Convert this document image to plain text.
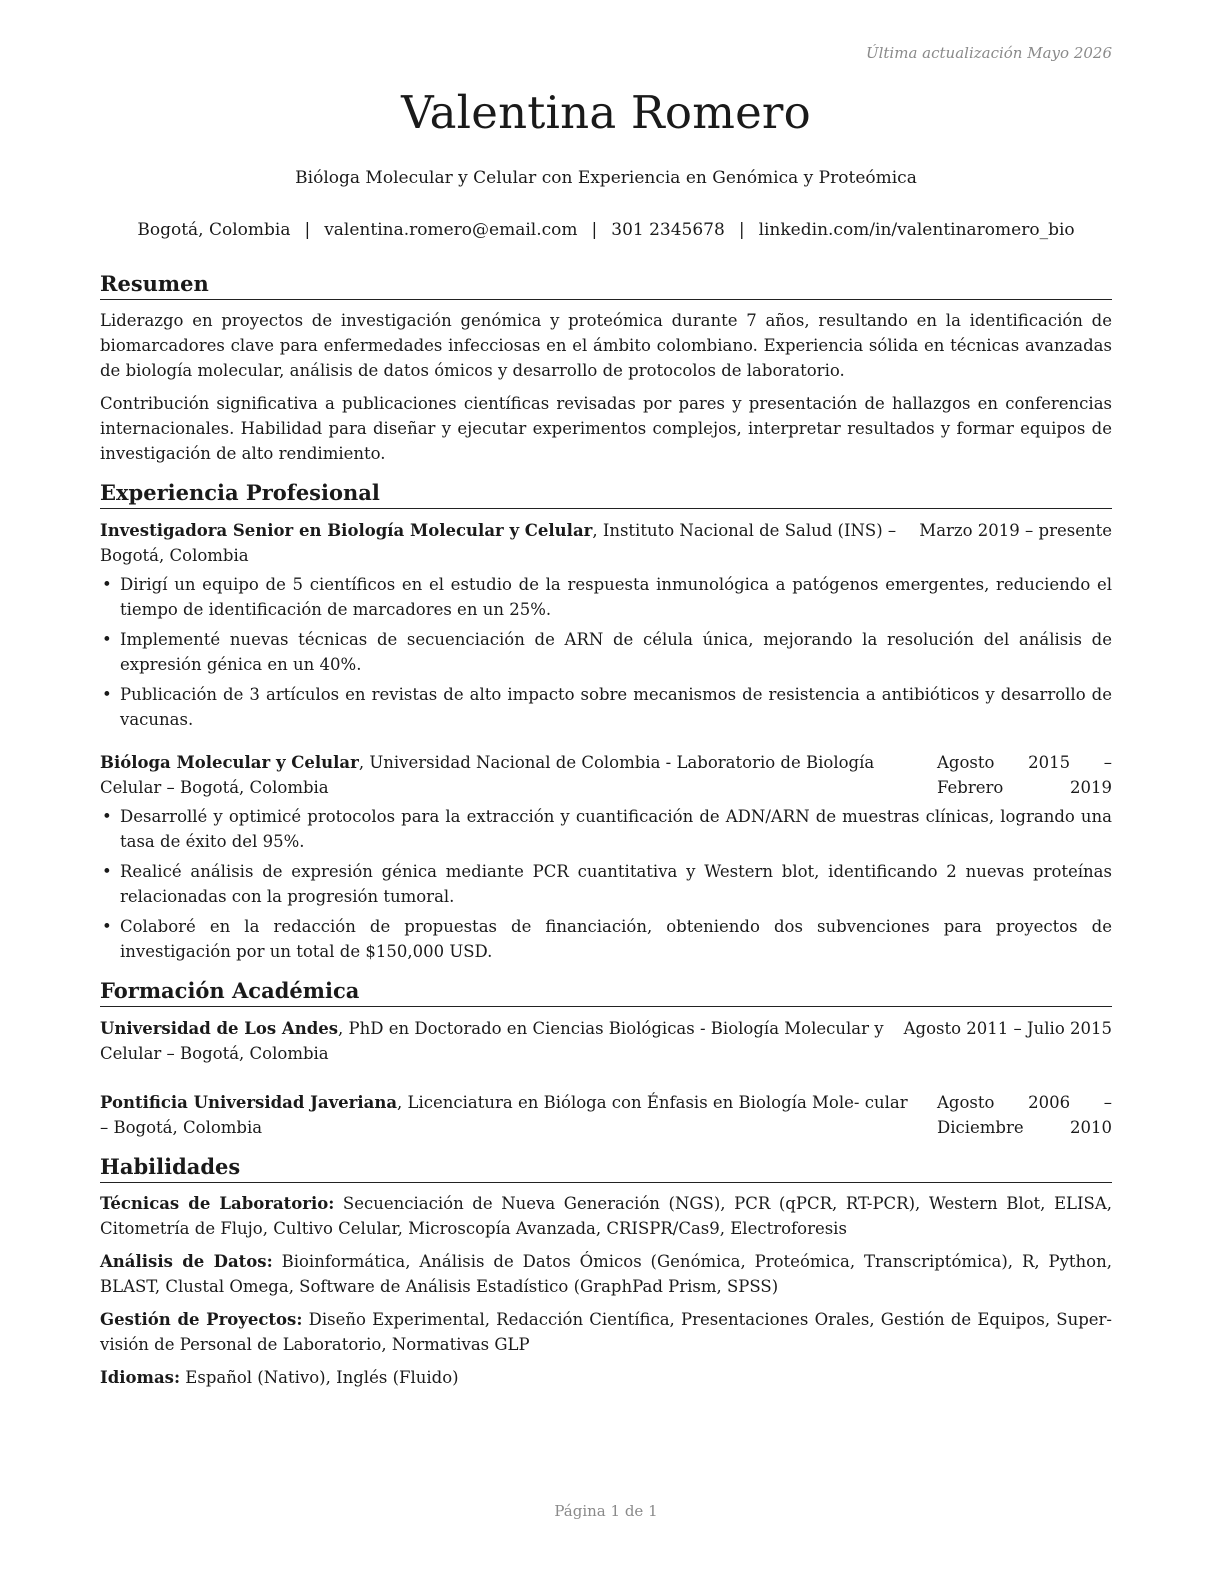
Última actualización Mayo 2026
Valentina Romero
Bióloga Molecular y Celular con Experiencia en Genómica y Proteómica
Bogotá, Colombia | valentina.romero@email.com | 301 2345678 | linkedin.com/in/valentinaromero_bio
Resumen

Liderazgo en proyectos de investigación genómica y proteómica durante 7 años, resultando en la identificación de biomarcadores clave para enfermedades infecciosas en el ámbito colombiano. Experiencia sólida en técnicas avanzadas de biología molecular, análisis de datos ómicos y desarrollo de protocolos de laboratorio.

Contribución significativa a publicaciones científicas revisadas por pares y presentación de hallazgos en conferencias internacionales. Habilidad para diseñar y ejecutar experimentos complejos, interpretar resultados y formar equipos de investigación de alto rendimiento.

Experiencia Profesional
Investigadora Senior en Biología Molecular y Celular, Instituto Nacional de Salud (INS) – Bogotá, Colombia
Marzo 2019 – presente
• Dirigí un equipo de 5 científicos en el estudio de la respuesta inmunológica a patógenos emergentes, reduciendo el tiempo de identificación de marcadores en un 25%.
• Implementé nuevas técnicas de secuenciación de ARN de célula única, mejorando la resolución del análisis de expresión génica en un 40%.
• Publicación de 3 artículos en revistas de alto impacto sobre mecanismos de resistencia a antibióticos y desarrollo de vacunas.
Bióloga Molecular y Celular, Universidad Nacional de Colombia - Laboratorio de Biología Celular – Bogotá, Colombia
Agosto 2015 – Febrero 2019
• Desarrollé y optimicé protocolos para la extracción y cuantificación de ADN/ARN de muestras clínicas, logrando una tasa de éxito del 95%.
• Realicé análisis de expresión génica mediante PCR cuantitativa y Western blot, identificando 2 nuevas proteínas relacionadas con la progresión tumoral.
• Colaboré en la redacción de propuestas de financiación, obteniendo dos subvenciones para proyectos de investigación por un total de $150,000 USD.
Formación Académica
Universidad de Los Andes, PhD en Doctorado en Ciencias Biológicas - Biología Molecular y Celular – Bogotá, Colombia
Agosto 2011 – Julio 2015
Pontificia Universidad Javeriana, Licenciatura en Bióloga con Énfasis en Biología Mole- cular – Bogotá, Colombia
Agosto 2006 – Diciembre 2010
Habilidades

Técnicas de Laboratorio: Secuenciación de Nueva Generación (NGS), PCR (qPCR, RT-PCR), Western Blot, ELISA, Citometría de Flujo, Cultivo Celular, Microscopía Avanzada, CRISPR/Cas9, Electroforesis

Análisis de Datos: Bioinformática, Análisis de Datos Ómicos (Genómica, Proteómica, Transcriptómica), R, Python, BLAST, Clustal Omega, Software de Análisis Estadístico (GraphPad Prism, SPSS)

Gestión de Proyectos: Diseño Experimental, Redacción Científica, Presentaciones Orales, Gestión de Equipos, Super- visión de Personal de Laboratorio, Normativas GLP

Idiomas: Español (Nativo), Inglés (Fluido)

Página 1 de 1
